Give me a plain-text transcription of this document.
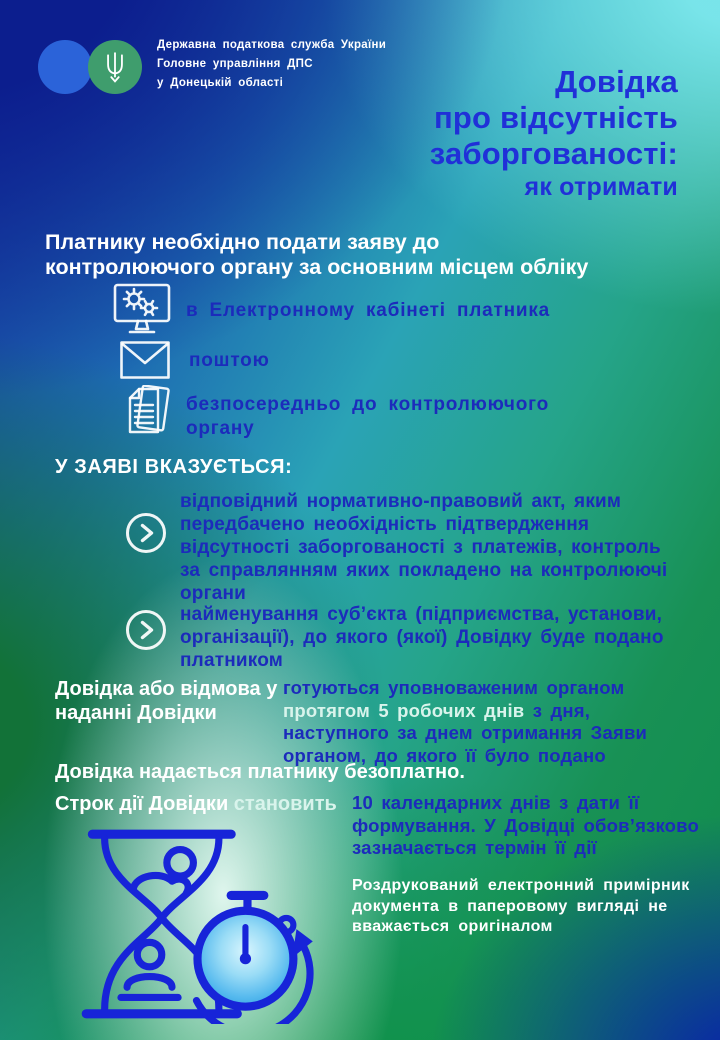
Державна податкова служба України
Головне управління ДПС
у Донецькій області	Довідка
про відсутність
заборгованості:
як отримати
Платнику необхідно подати заяву до
контролюючого органу за основним місцем обліку
в Електронному кабінеті платника
поштою
безпосередньо до контролюючого органу
У ЗАЯВІ ВКАЗУЄТЬСЯ:
відповідний нормативно-правовий акт, яким передбачено необхідність підтвердження відсутності заборгованості з платежів, контроль за справлянням яких покладено на контролюючі органи
найменування суб’єкта (підприємства, установи, організації), до якого (якої) Довідку буде подано платником
Довідка або відмова у наданні Довідки
готуються уповноваженим органом протягом 5 робочих днів з дня, наступного за днем отримання Заяви органом, до якого її було подано
Довідка надається платнику безоплатно.
Строк дії Довідки становить 10 календарних днів з дати її формування. У Довідці обов’язково зазначається термін її дії
Роздрукований електронний примірник документа в паперовому вигляді не вважається оригіналом
